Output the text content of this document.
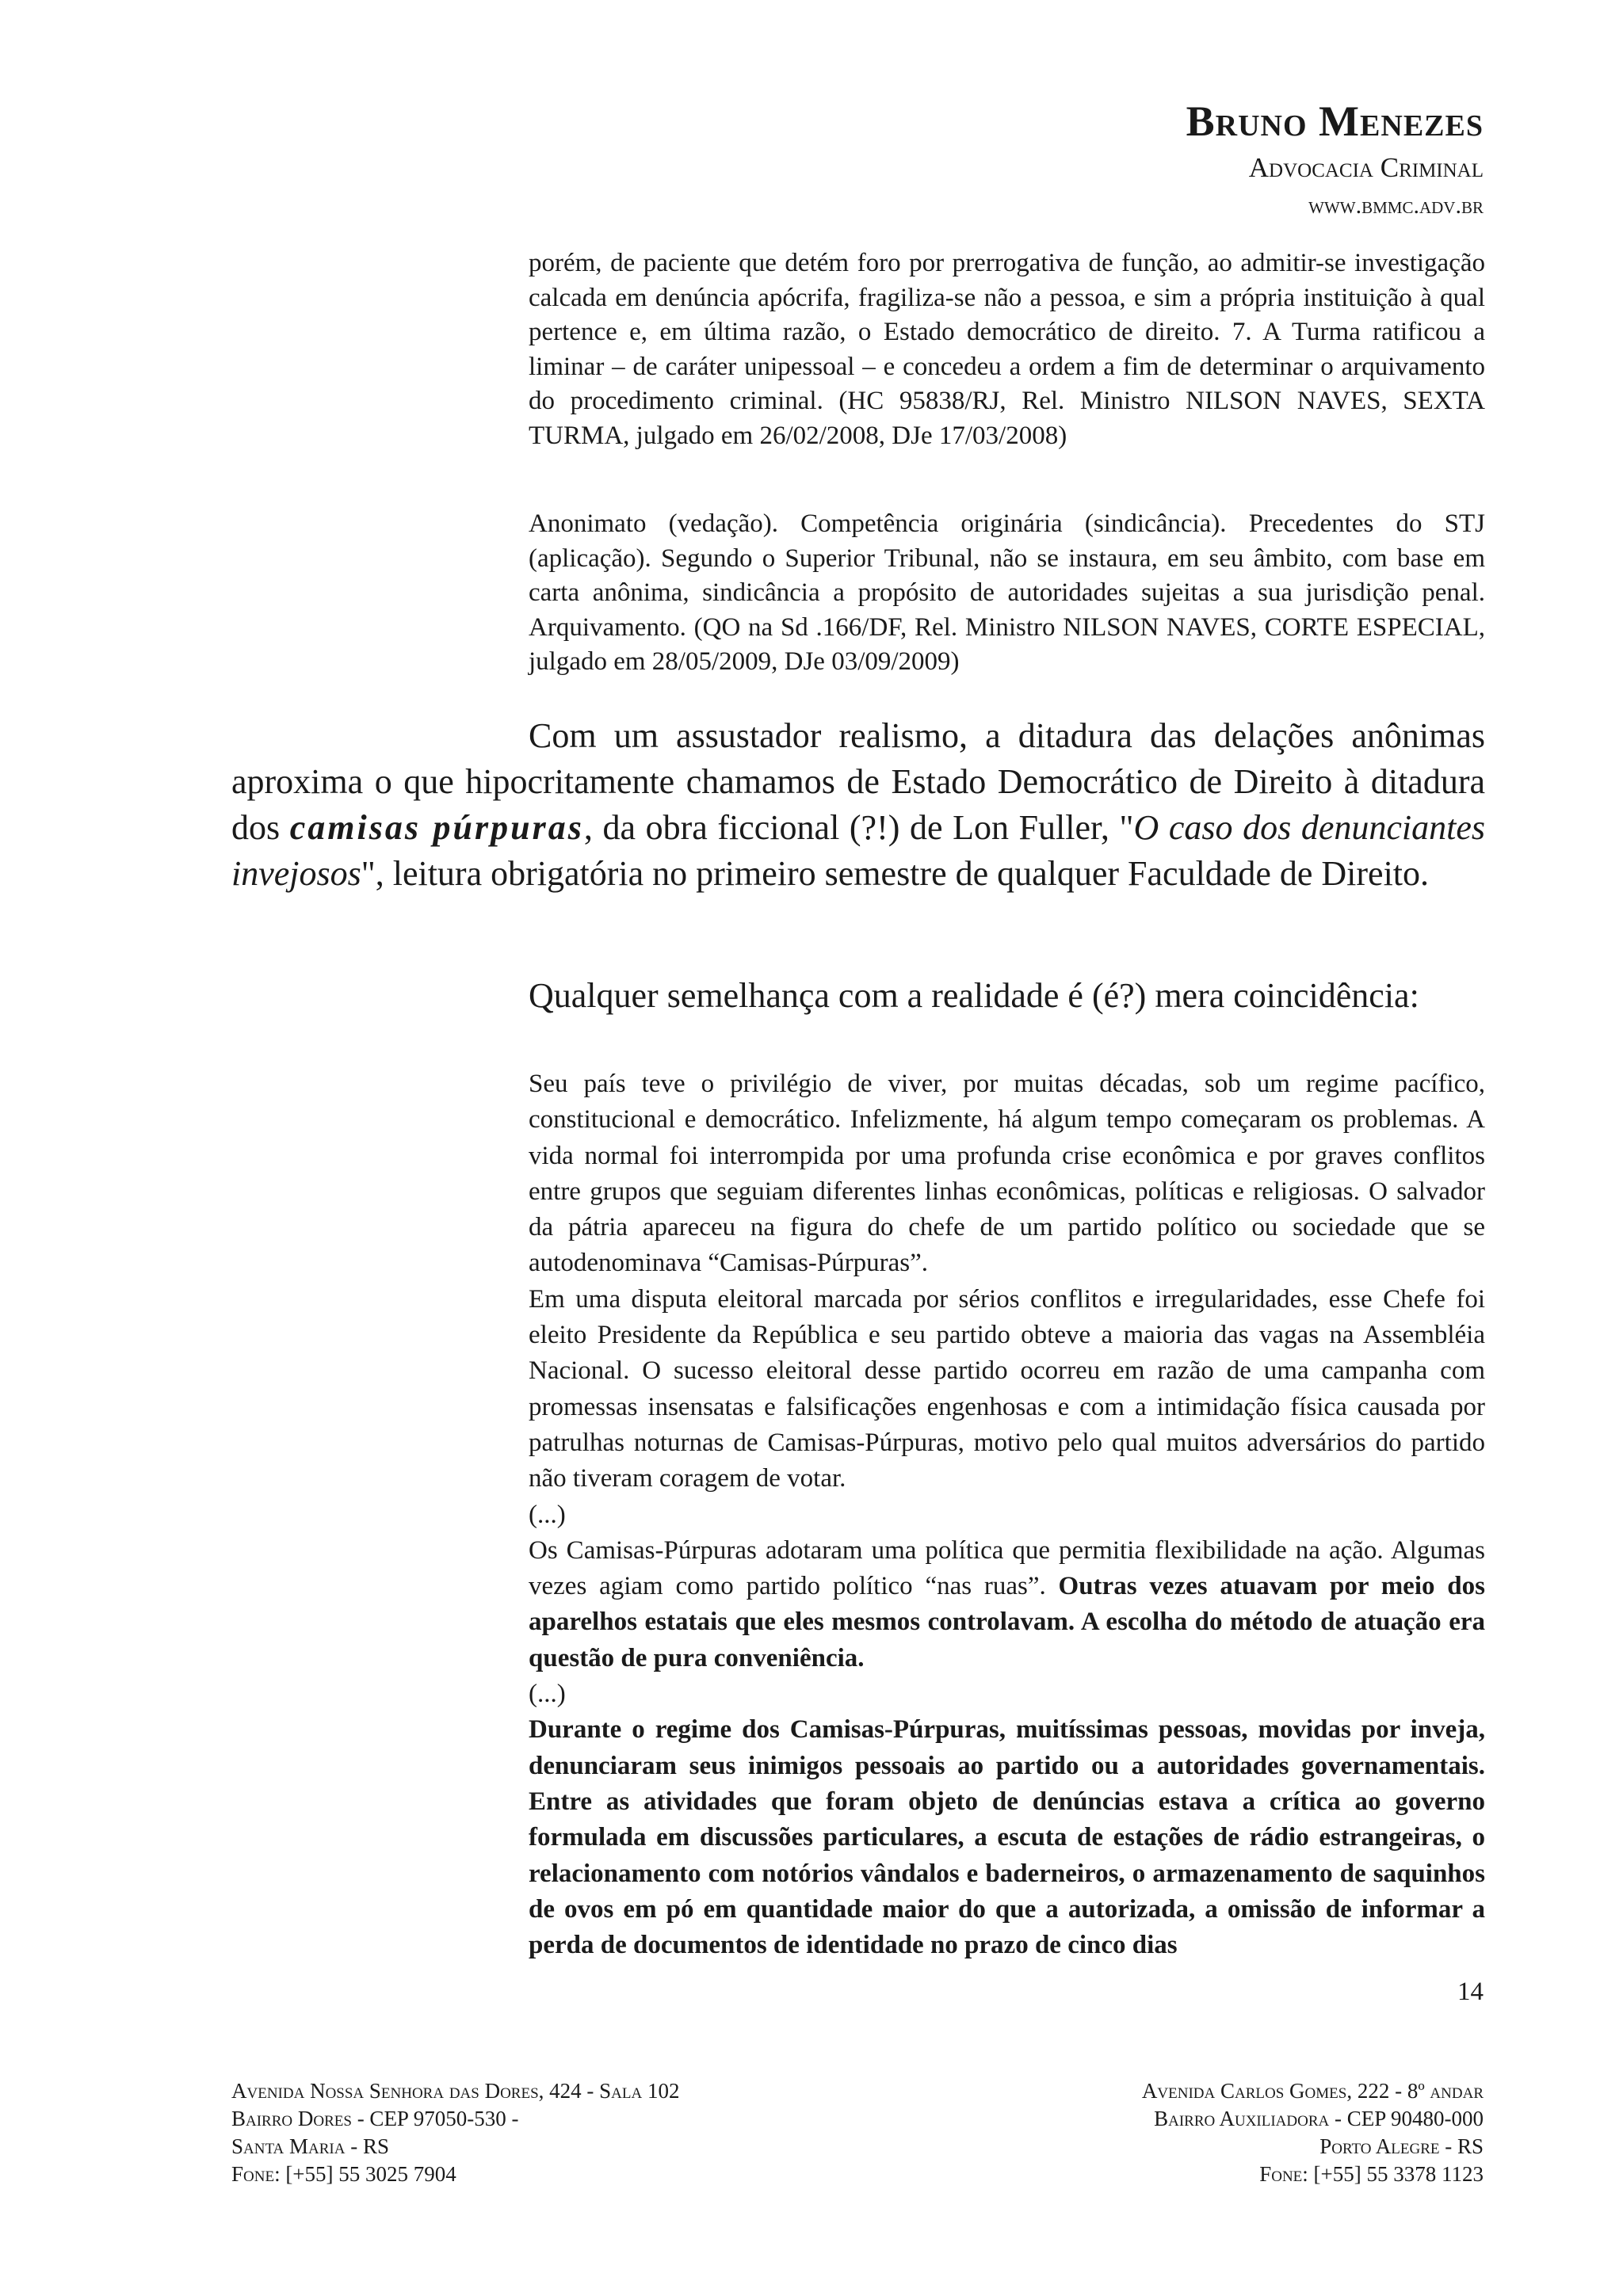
Bruno Menezes
Advocacia Criminal
www.bmmc.adv.br
porém, de paciente que detém foro por prerrogativa de função, ao admitir-se investigação calcada em denúncia apócrifa, fragiliza-se não a pessoa, e sim a própria instituição à qual pertence e, em última razão, o Estado democrático de direito. 7. A Turma ratificou a liminar – de caráter unipessoal – e concedeu a ordem a fim de determinar o arquivamento do procedimento criminal. (HC 95838/RJ, Rel. Ministro NILSON NAVES, SEXTA TURMA, julgado em 26/02/2008, DJe 17/03/2008)
Anonimato (vedação). Competência originária (sindicância). Precedentes do STJ (aplicação). Segundo o Superior Tribunal, não se instaura, em seu âmbito, com base em carta anônima, sindicância a propósito de autoridades sujeitas a sua jurisdição penal. Arquivamento. (QO na Sd .166/DF, Rel. Ministro NILSON NAVES, CORTE ESPECIAL, julgado em 28/05/2009, DJe 03/09/2009)
Com um assustador realismo, a ditadura das delações anônimas aproxima o que hipocritamente chamamos de Estado Democrático de Direito à ditadura dos camisas púrpuras, da obra ficcional (?!) de Lon Fuller, "O caso dos denunciantes invejosos", leitura obrigatória no primeiro semestre de qualquer Faculdade de Direito.
Qualquer semelhança com a realidade é (é?) mera coincidência:

Seu país teve o privilégio de viver, por muitas décadas, sob um regime pacífico, constitucional e democrático. Infelizmente, há algum tempo começaram os problemas. A vida normal foi interrompida por uma profunda crise econômica e por graves conflitos entre grupos que seguiam diferentes linhas econômicas, políticas e religiosas. O salvador da pátria apareceu na figura do chefe de um partido político ou sociedade que se autodenominava “Camisas-Púrpuras”.

Em uma disputa eleitoral marcada por sérios conflitos e irregularidades, esse Chefe foi eleito Presidente da República e seu partido obteve a maioria das vagas na Assembléia Nacional. O sucesso eleitoral desse partido ocorreu em razão de uma campanha com promessas insensatas e falsificações engenhosas e com a intimidação física causada por patrulhas noturnas de Camisas-Púrpuras, motivo pelo qual muitos adversários do partido não tiveram coragem de votar.

(...)

Os Camisas-Púrpuras adotaram uma política que permitia flexibilidade na ação. Algumas vezes agiam como partido político “nas ruas”. Outras vezes atuavam por meio dos aparelhos estatais que eles mesmos controlavam. A escolha do método de atuação era questão de pura conveniência.

(...)

Durante o regime dos Camisas-Púrpuras, muitíssimas pessoas, movidas por inveja, denunciaram seus inimigos pessoais ao partido ou a autoridades governamentais. Entre as atividades que foram objeto de denúncias estava a crítica ao governo formulada em discussões particulares, a escuta de estações de rádio estrangeiras, o relacionamento com notórios vândalos e baderneiros, o armazenamento de saquinhos de ovos em pó em quantidade maior do que a autorizada, a omissão de informar a perda de documentos de identidade no prazo de cinco dias

14
Avenida Nossa Senhora das Dores, 424 - Sala 102
Bairro Dores - CEP 97050-530 -
Santa Maria - RS
Fone: [+55] 55 3025 7904
Avenida Carlos Gomes, 222 - 8º andar
Bairro Auxiliadora - CEP 90480-000
Porto Alegre - RS
Fone: [+55] 55 3378 1123
